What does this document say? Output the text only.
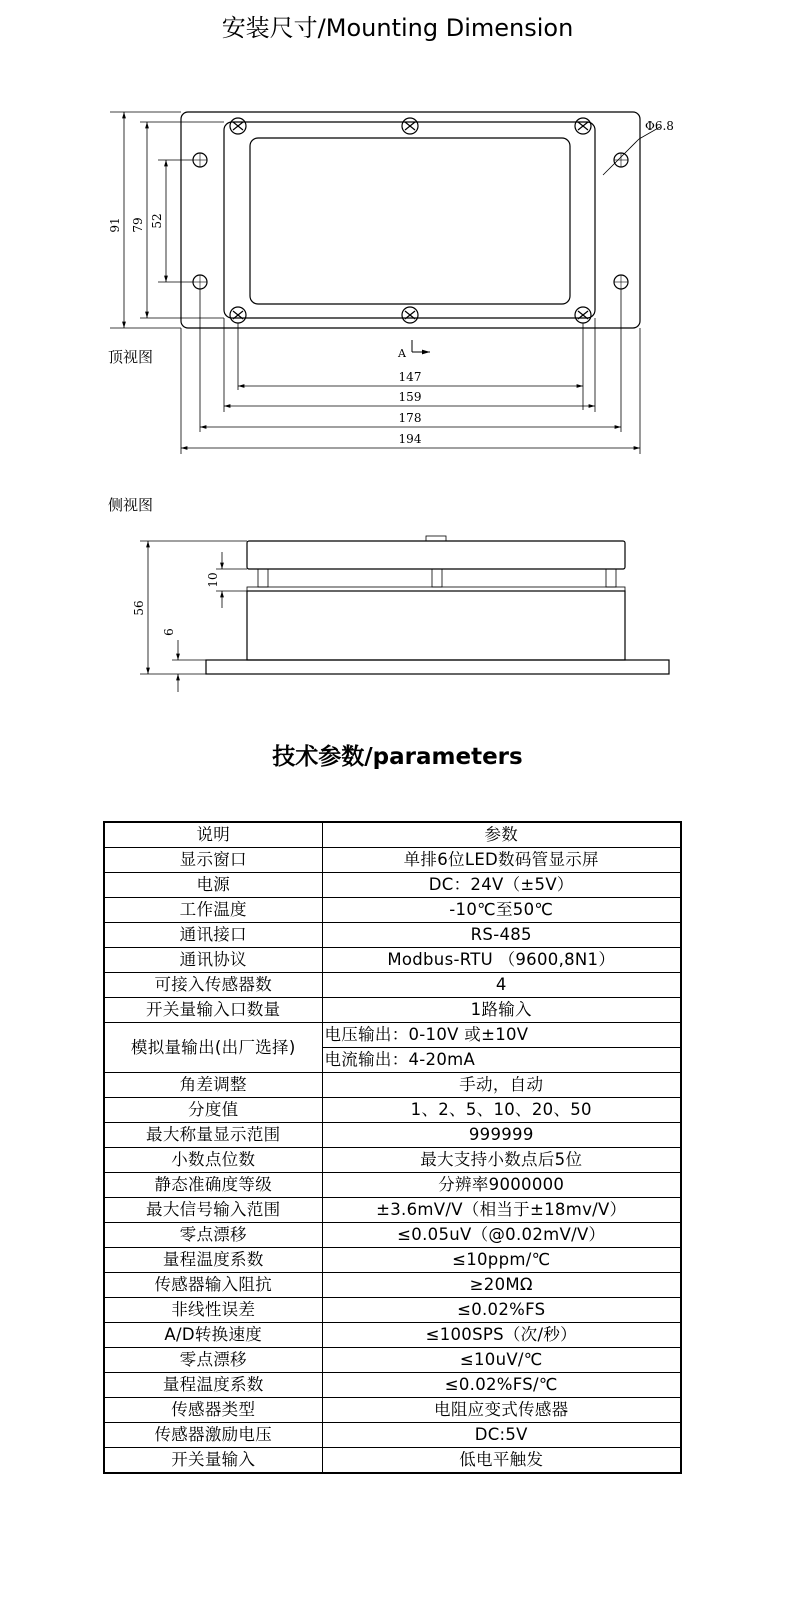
安装尺寸/Mounting Dimension
91 79 52
147
159
178
194
56
10
6
Φ6.8
A
顶视图
侧视图
技术参数/parameters
说明	参数
显示窗口	单排6位LED数码管显示屏
电源	DC：24V（±5V）
工作温度	-10℃至50℃
通讯接口	RS-485
通讯协议	Modbus-RTU （9600,8N1）
可接入传感器数	4
开关量输入口数量	1路输入
模拟量输出(出厂选择)	电压输出：0-10V 或±10V
	电流输出：4-20mA
角差调整	手动，自动
分度值	1、2、5、10、20、50
最大称量显示范围	999999
小数点位数	最大支持小数点后5位
静态准确度等级	分辨率9000000
最大信号输入范围	±3.6mV/V（相当于±18mv/V）
零点漂移	≤0.05uV（@0.02mV/V）
量程温度系数	≤10ppm/℃
传感器输入阻抗	≥20MΩ
非线性误差	≤0.02%FS
A/D转换速度	≤100SPS（次/秒）
零点漂移	≤10uV/℃
量程温度系数	≤0.02%FS/℃
传感器类型	电阻应变式传感器
传感器激励电压	DC:5V
开关量输入	低电平触发
